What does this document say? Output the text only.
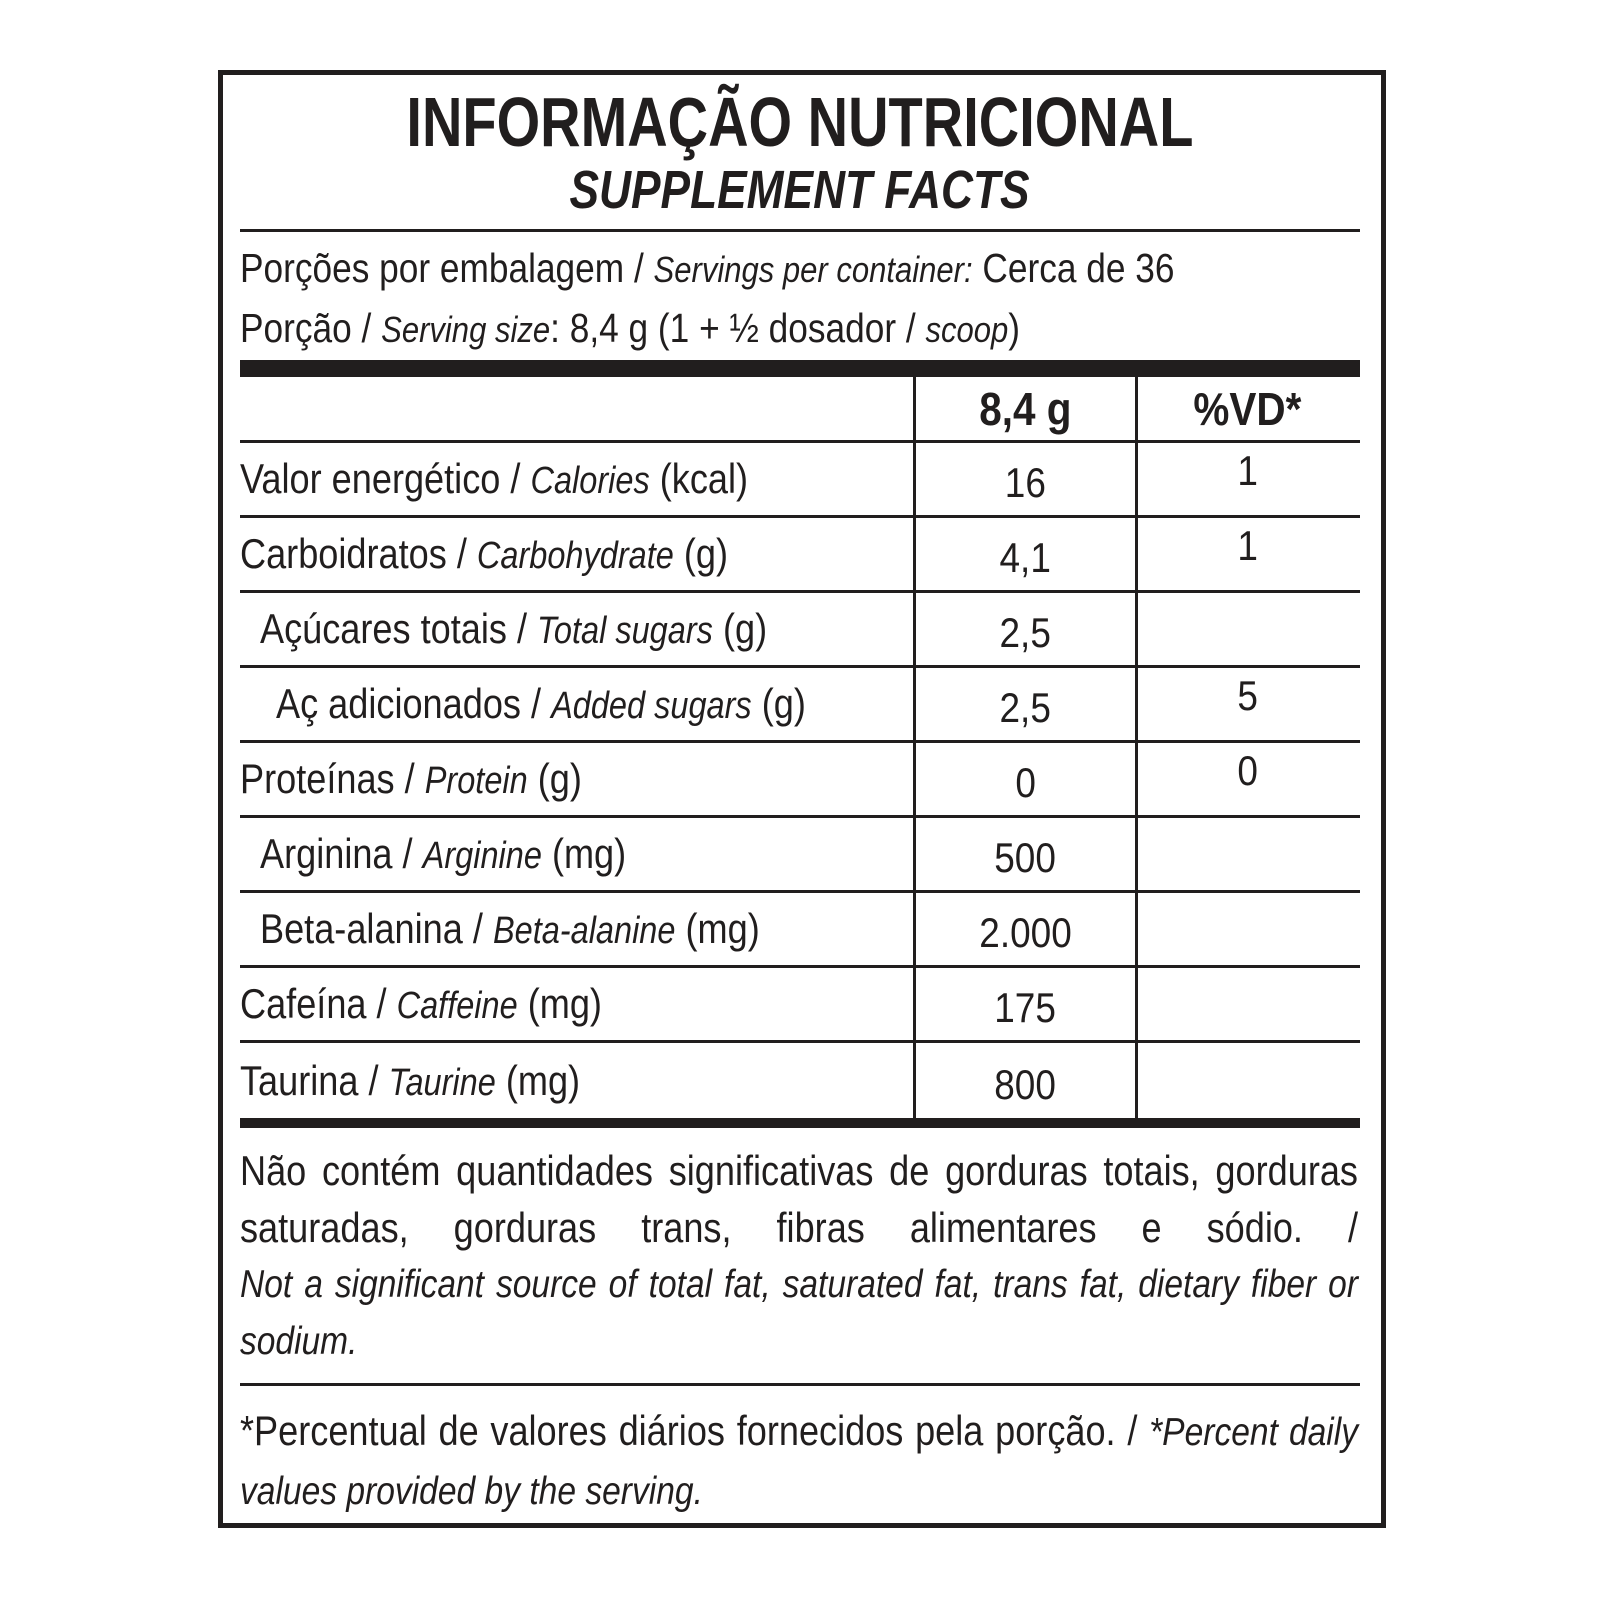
INFORMAÇÃO NUTRICIONAL
SUPPLEMENT FACTS
Porções por embalagem / Servings per container: Cerca de 36
Porção / Serving size: 8,4 g (1 + ½ dosador / scoop)
8,4 g	%VD*
Valor energético / Calories (kcal)	16	1
Carboidratos / Carbohydrate (g)	4,1	1
Açúcares totais / Total sugars (g)	2,5
Aç adicionados / Added sugars (g)	2,5	5
Proteínas / Protein (g)	0	0
Arginina / Arginine (mg)	500
Beta-alanina / Beta-alanine (mg)	2.000
Cafeína / Caffeine (mg)	175
Taurina / Taurine (mg)	800
Não contém quantidades significativas de gorduras totais, gorduras saturadas, gorduras trans, fibras alimentares e sódio. /
Not a significant source of total fat, saturated fat, trans fat, dietary fiber or sodium.
*Percentual de valores diários fornecidos pela porção. / *Percent daily values provided by the serving.
